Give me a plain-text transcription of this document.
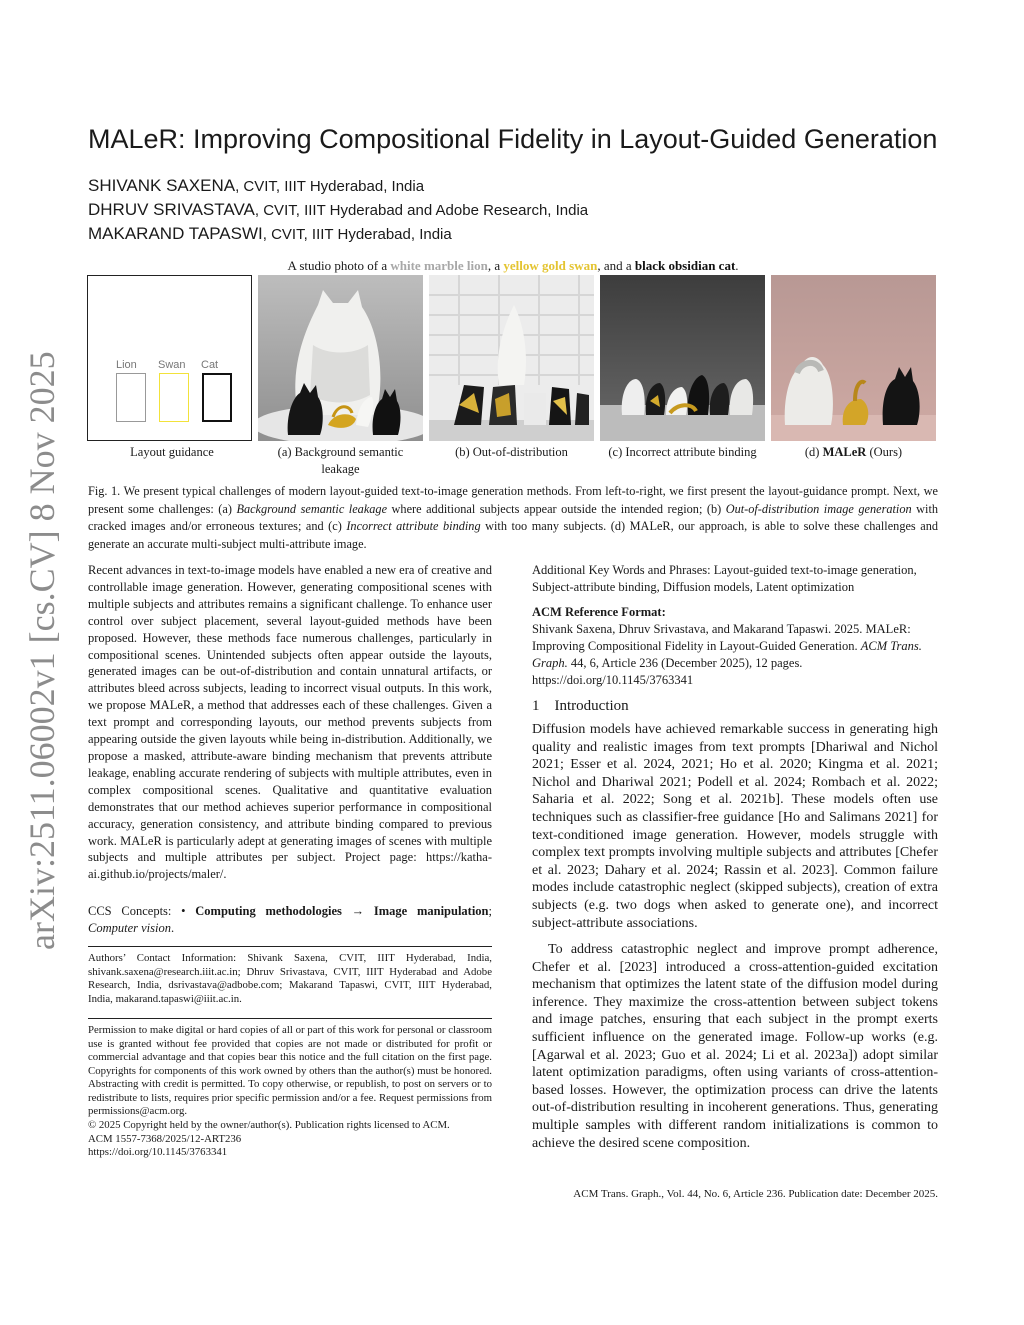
arXiv:2511.06002v1 [cs.CV] 8 Nov 2025
MALeR: Improving Compositional Fidelity in Layout-Guided Generation
SHIVANK SAXENA, CVIT, IIIT Hyderabad, India
DHRUV SRIVASTAVA, CVIT, IIIT Hyderabad and Adobe Research, India
MAKARAND TAPASWI, CVIT, IIIT Hyderabad, India
A studio photo of a white marble lion, a yellow gold swan, and a black obsidian cat.
Lion Swan Cat
Layout guidance	(a) Background semantic leakage
(b) Out-of-distribution	(c) Incorrect attribute binding	(d) MALeR (Ours)
Fig. 1. We present typical challenges of modern layout-guided text-to-image generation methods. From left-to-right, we first present the layout-guidance prompt. Next, we present some challenges: (a) Background semantic leakage where additional subjects appear outside the intended region; (b) Out-of-distribution image generation with cracked images and/or erroneous textures; and (c) Incorrect attribute binding with too many subjects. (d) MALeR, our approach, is able to solve these challenges and generate an accurate multi-subject multi-attribute image.
Recent advances in text-to-image models have enabled a new era of creative and controllable image generation. However, generating compositional scenes with multiple subjects and attributes remains a significant challenge. To enhance user control over subject placement, several layout-guided methods have been proposed. However, these methods face numerous challenges, particularly in compositional scenes. Unintended subjects often appear outside the layouts, generated images can be out-of-distribution and contain unnatural artifacts, or attributes bleed across subjects, leading to incorrect visual outputs. In this work, we propose MALeR, a method that addresses each of these challenges. Given a text prompt and corresponding layouts, our method prevents subjects from appearing outside the given layouts while being in-distribution. Additionally, we propose a masked, attribute-aware binding mechanism that prevents attribute leakage, enabling accurate rendering of subjects with multiple attributes, even in complex compositional scenes. Qualitative and quantitative evaluation demonstrates that our method achieves superior performance in compositional accuracy, generation consistency, and attribute binding compared to previous work. MALeR is particularly adept at generating images of scenes with multiple subjects and multiple attributes per subject. Project page: https://katha-ai.github.io/projects/maler/.
CCS Concepts: • Computing methodologies → Image manipulation; Computer vision.
Authors’ Contact Information: Shivank Saxena, CVIT, IIIT Hyderabad, India, shivank.saxena@research.iiit.ac.in; Dhruv Srivastava, CVIT, IIIT Hyderabad and Adobe Research, India, dsrivastava@adbobe.com; Makarand Tapaswi, CVIT, IIIT Hyderabad, India, makarand.tapaswi@iiit.ac.in.
Permission to make digital or hard copies of all or part of this work for personal or classroom use is granted without fee provided that copies are not made or distributed for profit or commercial advantage and that copies bear this notice and the full citation on the first page. Copyrights for components of this work owned by others than the author(s) must be honored. Abstracting with credit is permitted. To copy otherwise, or republish, to post on servers or to redistribute to lists, requires prior specific permission and/or a fee. Request permissions from permissions@acm.org.
© 2025 Copyright held by the owner/author(s). Publication rights licensed to ACM.
ACM 1557-7368/2025/12-ART236
https://doi.org/10.1145/3763341
Additional Key Words and Phrases: Layout-guided text-to-image generation, Subject-attribute binding, Diffusion models, Latent optimization
ACM Reference Format:
Shivank Saxena, Dhruv Srivastava, and Makarand Tapaswi. 2025. MALeR: Improving Compositional Fidelity in Layout-Guided Generation. ACM Trans. Graph. 44, 6, Article 236 (December 2025), 12 pages. https://doi.org/10.1145/3763341
1    Introduction
Diffusion models have achieved remarkable success in generating high quality and realistic images from text prompts [Dhariwal and Nichol 2021; Esser et al. 2024, 2021; Ho et al. 2020; Kingma et al. 2021; Nichol and Dhariwal 2021; Podell et al. 2024; Rombach et al. 2022; Saharia et al. 2022; Song et al. 2021b]. These models often use techniques such as classifier-free guidance [Ho and Salimans 2021] for text-conditioned image generation. However, models struggle with complex text prompts involving multiple subjects and attributes [Chefer et al. 2023; Dahary et al. 2024; Rassin et al. 2023]. Common failure modes include catastrophic neglect (skipped subjects), creation of extra subjects (e.g. two dogs when asked to generate one), and incorrect subject-attribute associations.
To address catastrophic neglect and improve prompt adherence, Chefer et al. [2023] introduced a cross-attention-guided excitation mechanism that optimizes the latent state of the diffusion model during inference. They maximize the cross-attention between subject tokens and image patches, ensuring that each subject in the prompt exerts sufficient influence on the generated image. Follow-up works (e.g. [Agarwal et al. 2023; Guo et al. 2024; Li et al. 2023a]) adopt similar latent optimization paradigms, often using variants of cross-attention-based losses. However, the optimization process can drive the latents out-of-distribution resulting in incoherent generations. Thus, generating multiple samples with different random initializations is common to achieve the desired scene composition.
ACM Trans. Graph., Vol. 44, No. 6, Article 236. Publication date: December 2025.
